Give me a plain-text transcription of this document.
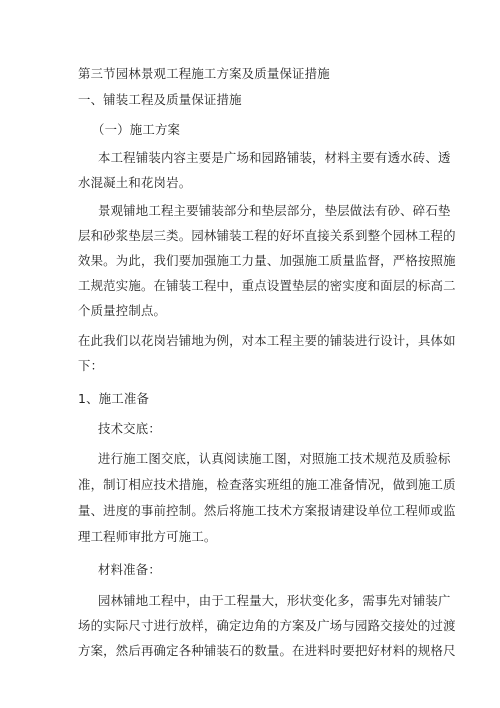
第三节园林景观工程施工方案及质量保证措施
一、铺装工程及质量保证措施
（一）施工方案
本工程铺装内容主要是广场和园路铺装，材料主要有透水砖、透
水混凝土和花岗岩。
景观铺地工程主要铺装部分和垫层部分，垫层做法有砂、碎石垫
层和砂浆垫层三类。园林铺装工程的好坏直接关系到整个园林工程的
效果。为此，我们要加强施工力量、加强施工质量监督，严格按照施
工规范实施。在铺装工程中，重点设置垫层的密实度和面层的标高二
个质量控制点。
在此我们以花岗岩铺地为例，对本工程主要的铺装进行设计，具体如
下：
1、施工准备
技术交底：
进行施工图交底，认真阅读施工图，对照施工技术规范及质验标
准，制订相应技术措施，检查落实班组的施工准备情况，做到施工质
量、进度的事前控制。然后将施工技术方案报请建设单位工程师或监
理工程师审批方可施工。
材料准备：
园林铺地工程中，由于工程量大，形状变化多，需事先对铺装广
场的实际尺寸进行放样，确定边角的方案及广场与园路交接处的过渡
方案，然后再确定各种铺装石的数量。在进料时要把好材料的规格尺
